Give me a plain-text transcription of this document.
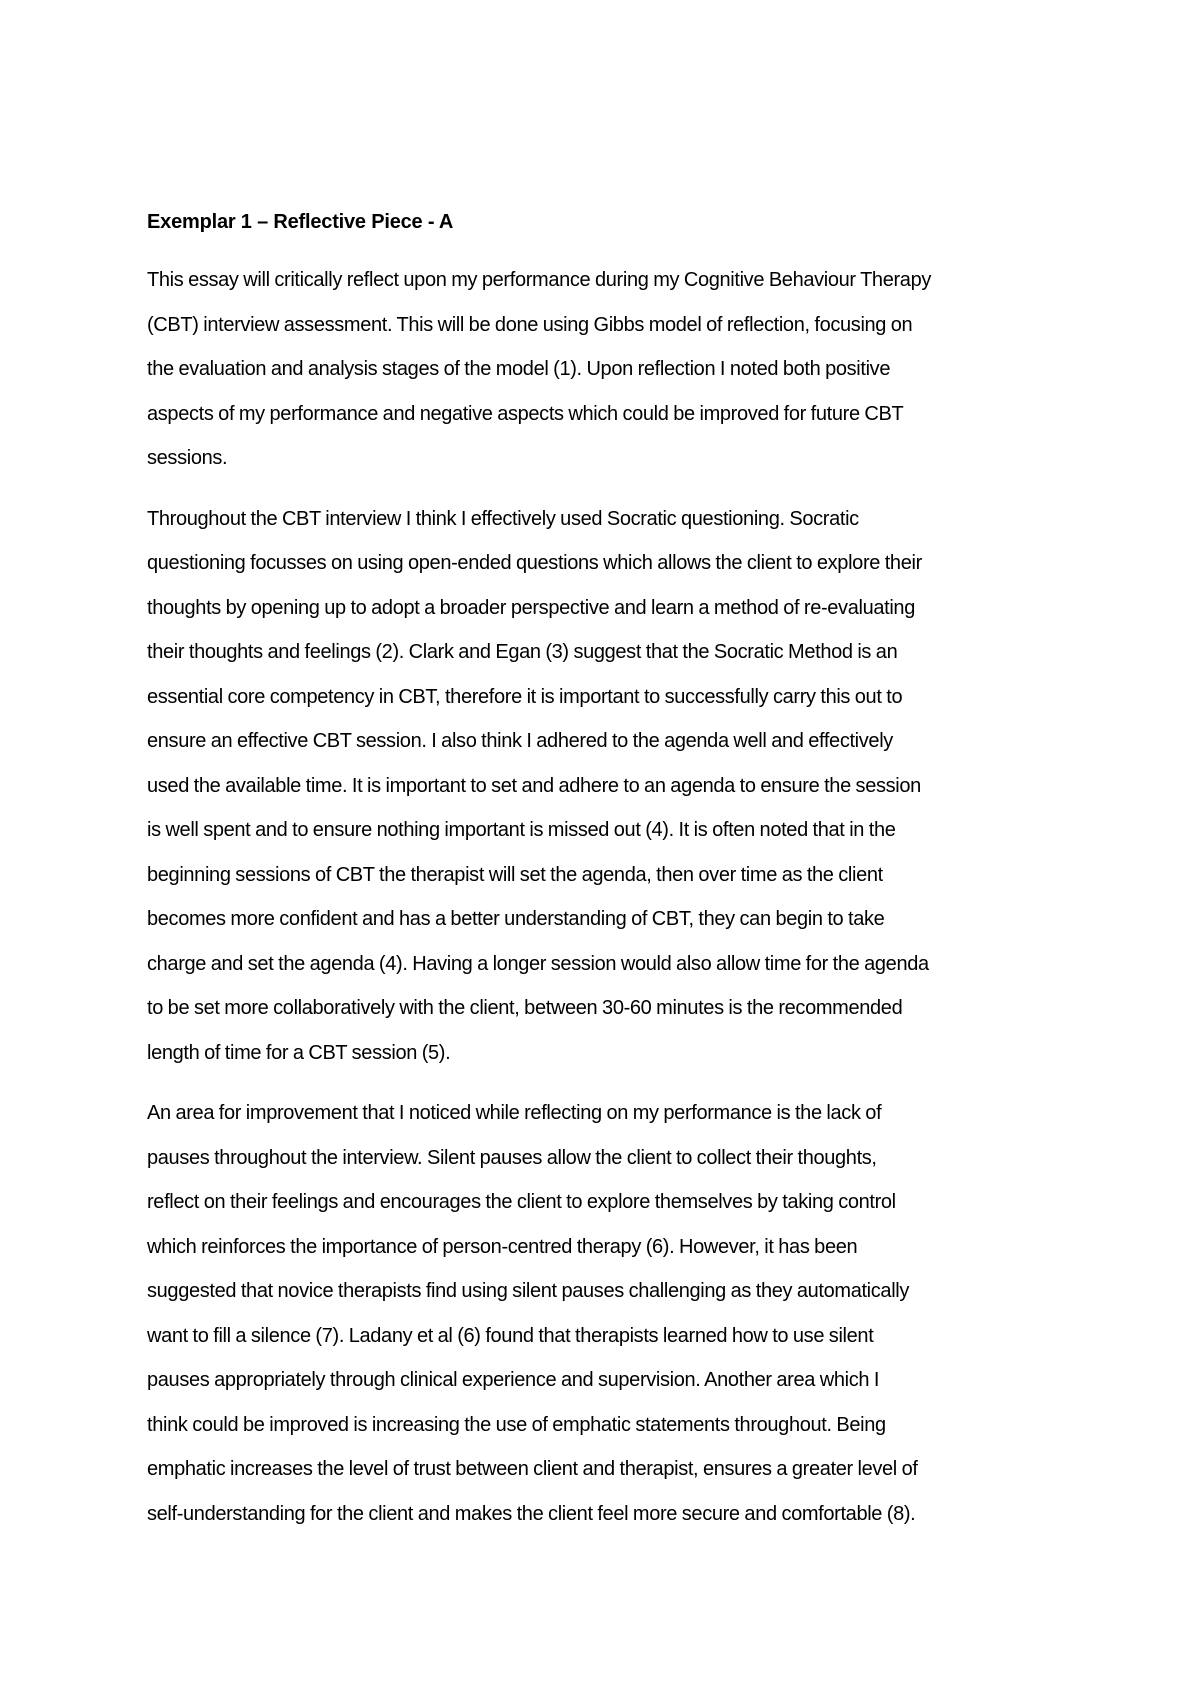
Exemplar 1 – Reflective Piece - A
This essay will critically reflect upon my performance during my Cognitive Behaviour Therapy
(CBT) interview assessment. This will be done using Gibbs model of reflection, focusing on
the evaluation and analysis stages of the model (1). Upon reflection I noted both positive
aspects of my performance and negative aspects which could be improved for future CBT
sessions.
Throughout the CBT interview I think I effectively used Socratic questioning. Socratic
questioning focusses on using open-ended questions which allows the client to explore their
thoughts by opening up to adopt a broader perspective and learn a method of re-evaluating
their thoughts and feelings (2). Clark and Egan (3) suggest that the Socratic Method is an
essential core competency in CBT, therefore it is important to successfully carry this out to
ensure an effective CBT session. I also think I adhered to the agenda well and effectively
used the available time. It is important to set and adhere to an agenda to ensure the session
is well spent and to ensure nothing important is missed out (4). It is often noted that in the
beginning sessions of CBT the therapist will set the agenda, then over time as the client
becomes more confident and has a better understanding of CBT, they can begin to take
charge and set the agenda (4). Having a longer session would also allow time for the agenda
to be set more collaboratively with the client, between 30-60 minutes is the recommended
length of time for a CBT session (5).
An area for improvement that I noticed while reflecting on my performance is the lack of
pauses throughout the interview. Silent pauses allow the client to collect their thoughts,
reflect on their feelings and encourages the client to explore themselves by taking control
which reinforces the importance of person-centred therapy (6). However, it has been
suggested that novice therapists find using silent pauses challenging as they automatically
want to fill a silence (7). Ladany et al (6) found that therapists learned how to use silent
pauses appropriately through clinical experience and supervision. Another area which I
think could be improved is increasing the use of emphatic statements throughout. Being
emphatic increases the level of trust between client and therapist, ensures a greater level of
self-understanding for the client and makes the client feel more secure and comfortable (8).
